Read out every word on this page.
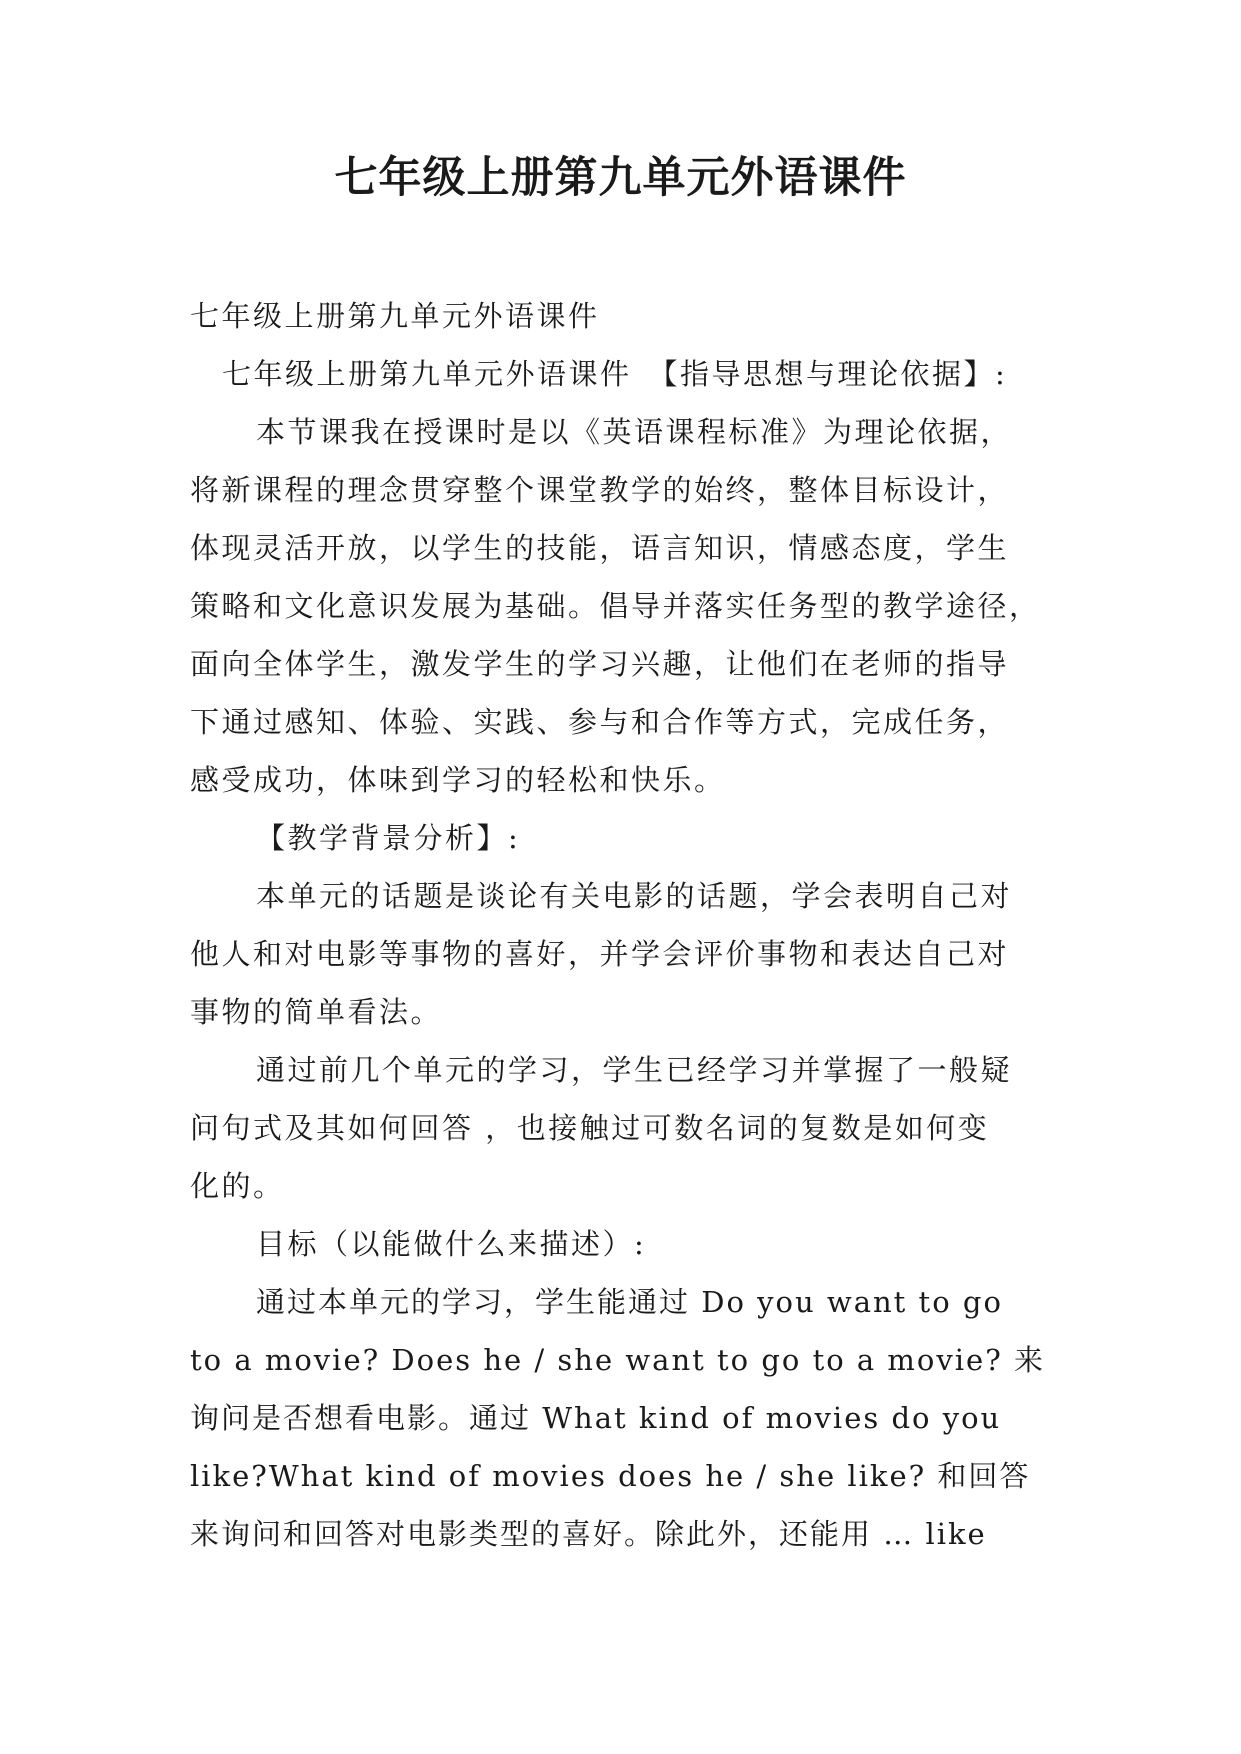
七年级上册第九单元外语课件
七年级上册第九单元外语课件
七年级上册第九单元外语课件　【指导思想与理论依据】:
本节课我在授课时是以《英语课程标准》为理论依据，
将新课程的理念贯穿整个课堂教学的始终，整体目标设计，
体现灵活开放，以学生的技能，语言知识，情感态度，学生
策略和文化意识发展为基础。倡导并落实任务型的教学途径，
面向全体学生，激发学生的学习兴趣，让他们在老师的指导
下通过感知、体验、实践、参与和合作等方式，完成任务，
感受成功，体味到学习的轻松和快乐。
【教学背景分析】:
本单元的话题是谈论有关电影的话题，学会表明自己对
他人和对电影等事物的喜好，并学会评价事物和表达自己对
事物的简单看法。
通过前几个单元的学习，学生已经学习并掌握了一般疑
问句式及其如何回答 ，也接触过可数名词的复数是如何变
化的。
目标（以能做什么来描述）:
通过本单元的学习，学生能通过 Do you want to go
to a movie? Does he / she want to go to a movie? 来
询问是否想看电影。通过 What kind of movies do you
like?What kind of movies does he / she like? 和回答
来询问和回答对电影类型的喜好。除此外，还能用 … like
